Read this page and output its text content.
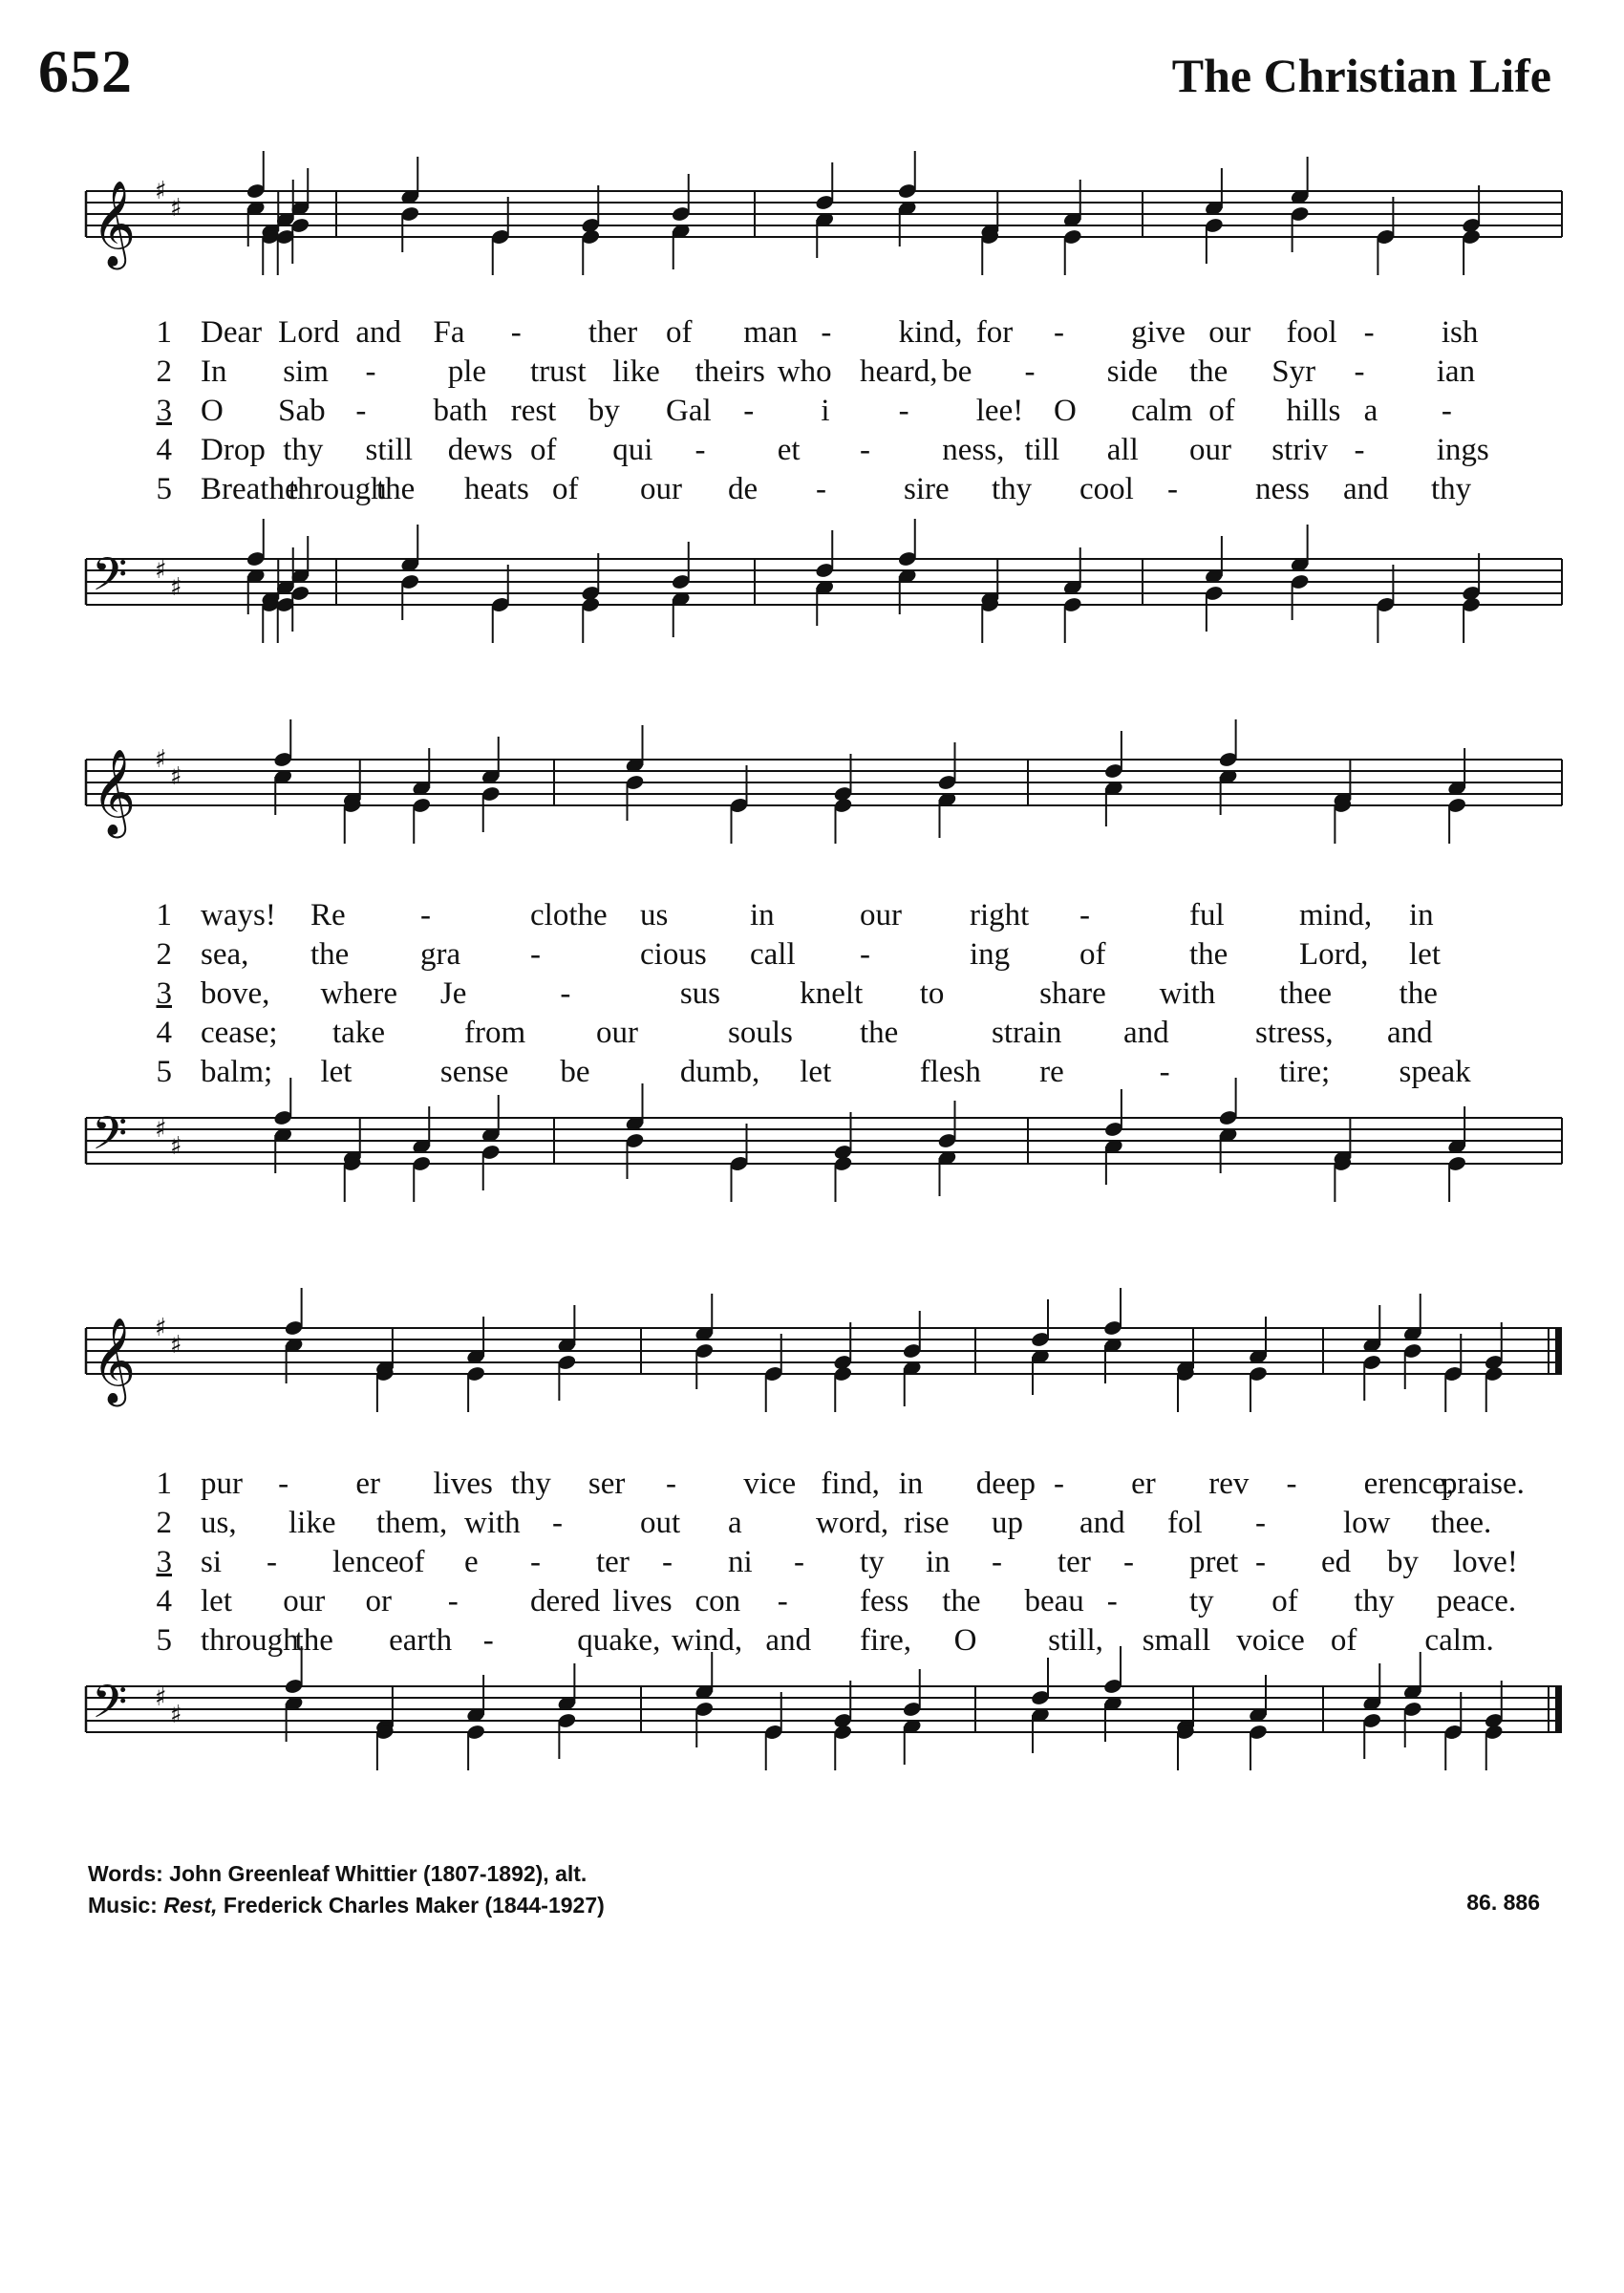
652	The Christian Life
𝄞 ♯
♯
𝄢 ♯
♯
𝄞 ♯
♯
𝄢 ♯
♯
𝄞 ♯
♯
𝄢 ♯
♯
1 Dear Lord and Fa - ther of man - kind, for - give our fool - ish
2 In sim - ple trust like theirs who heard, be - side the Syr - ian
3 O Sab - bath rest by Gal - i - lee! O calm of hills a -
4 Drop thy still dews of qui - et - ness, till all our striv - ings
5 Breathe
through
the heats of our de - sire thy cool - ness and thy
1 ways! Re -	clothe us	in	our right -	ful mind, in
2 sea, the gra -	cious call -	ing of	the Lord, let
3 bove, where Je	-	sus	knelt to	share with thee the
4 cease; take	from our	souls the	strain and	stress, and
5 balm; let	sense be	dumb, let	flesh re	-	tire; speak
1 pur - er lives thy ser - vice find, in deep - er rev - erence,
praise.
2 us, like them, with - out a word, rise up and fol - low thee.
3 si - lence of e - ter - ni - ty in - ter - pret - ed by love!
4 let our or - dered lives con - fess the beau - ty of thy peace.
5 through
the earth -	quake, wind, and fire, O still, small voice of calm.
Words: John Greenleaf Whittier (1807-1892), alt.
Music: Rest, Frederick Charles Maker (1844-1927)	86. 886
